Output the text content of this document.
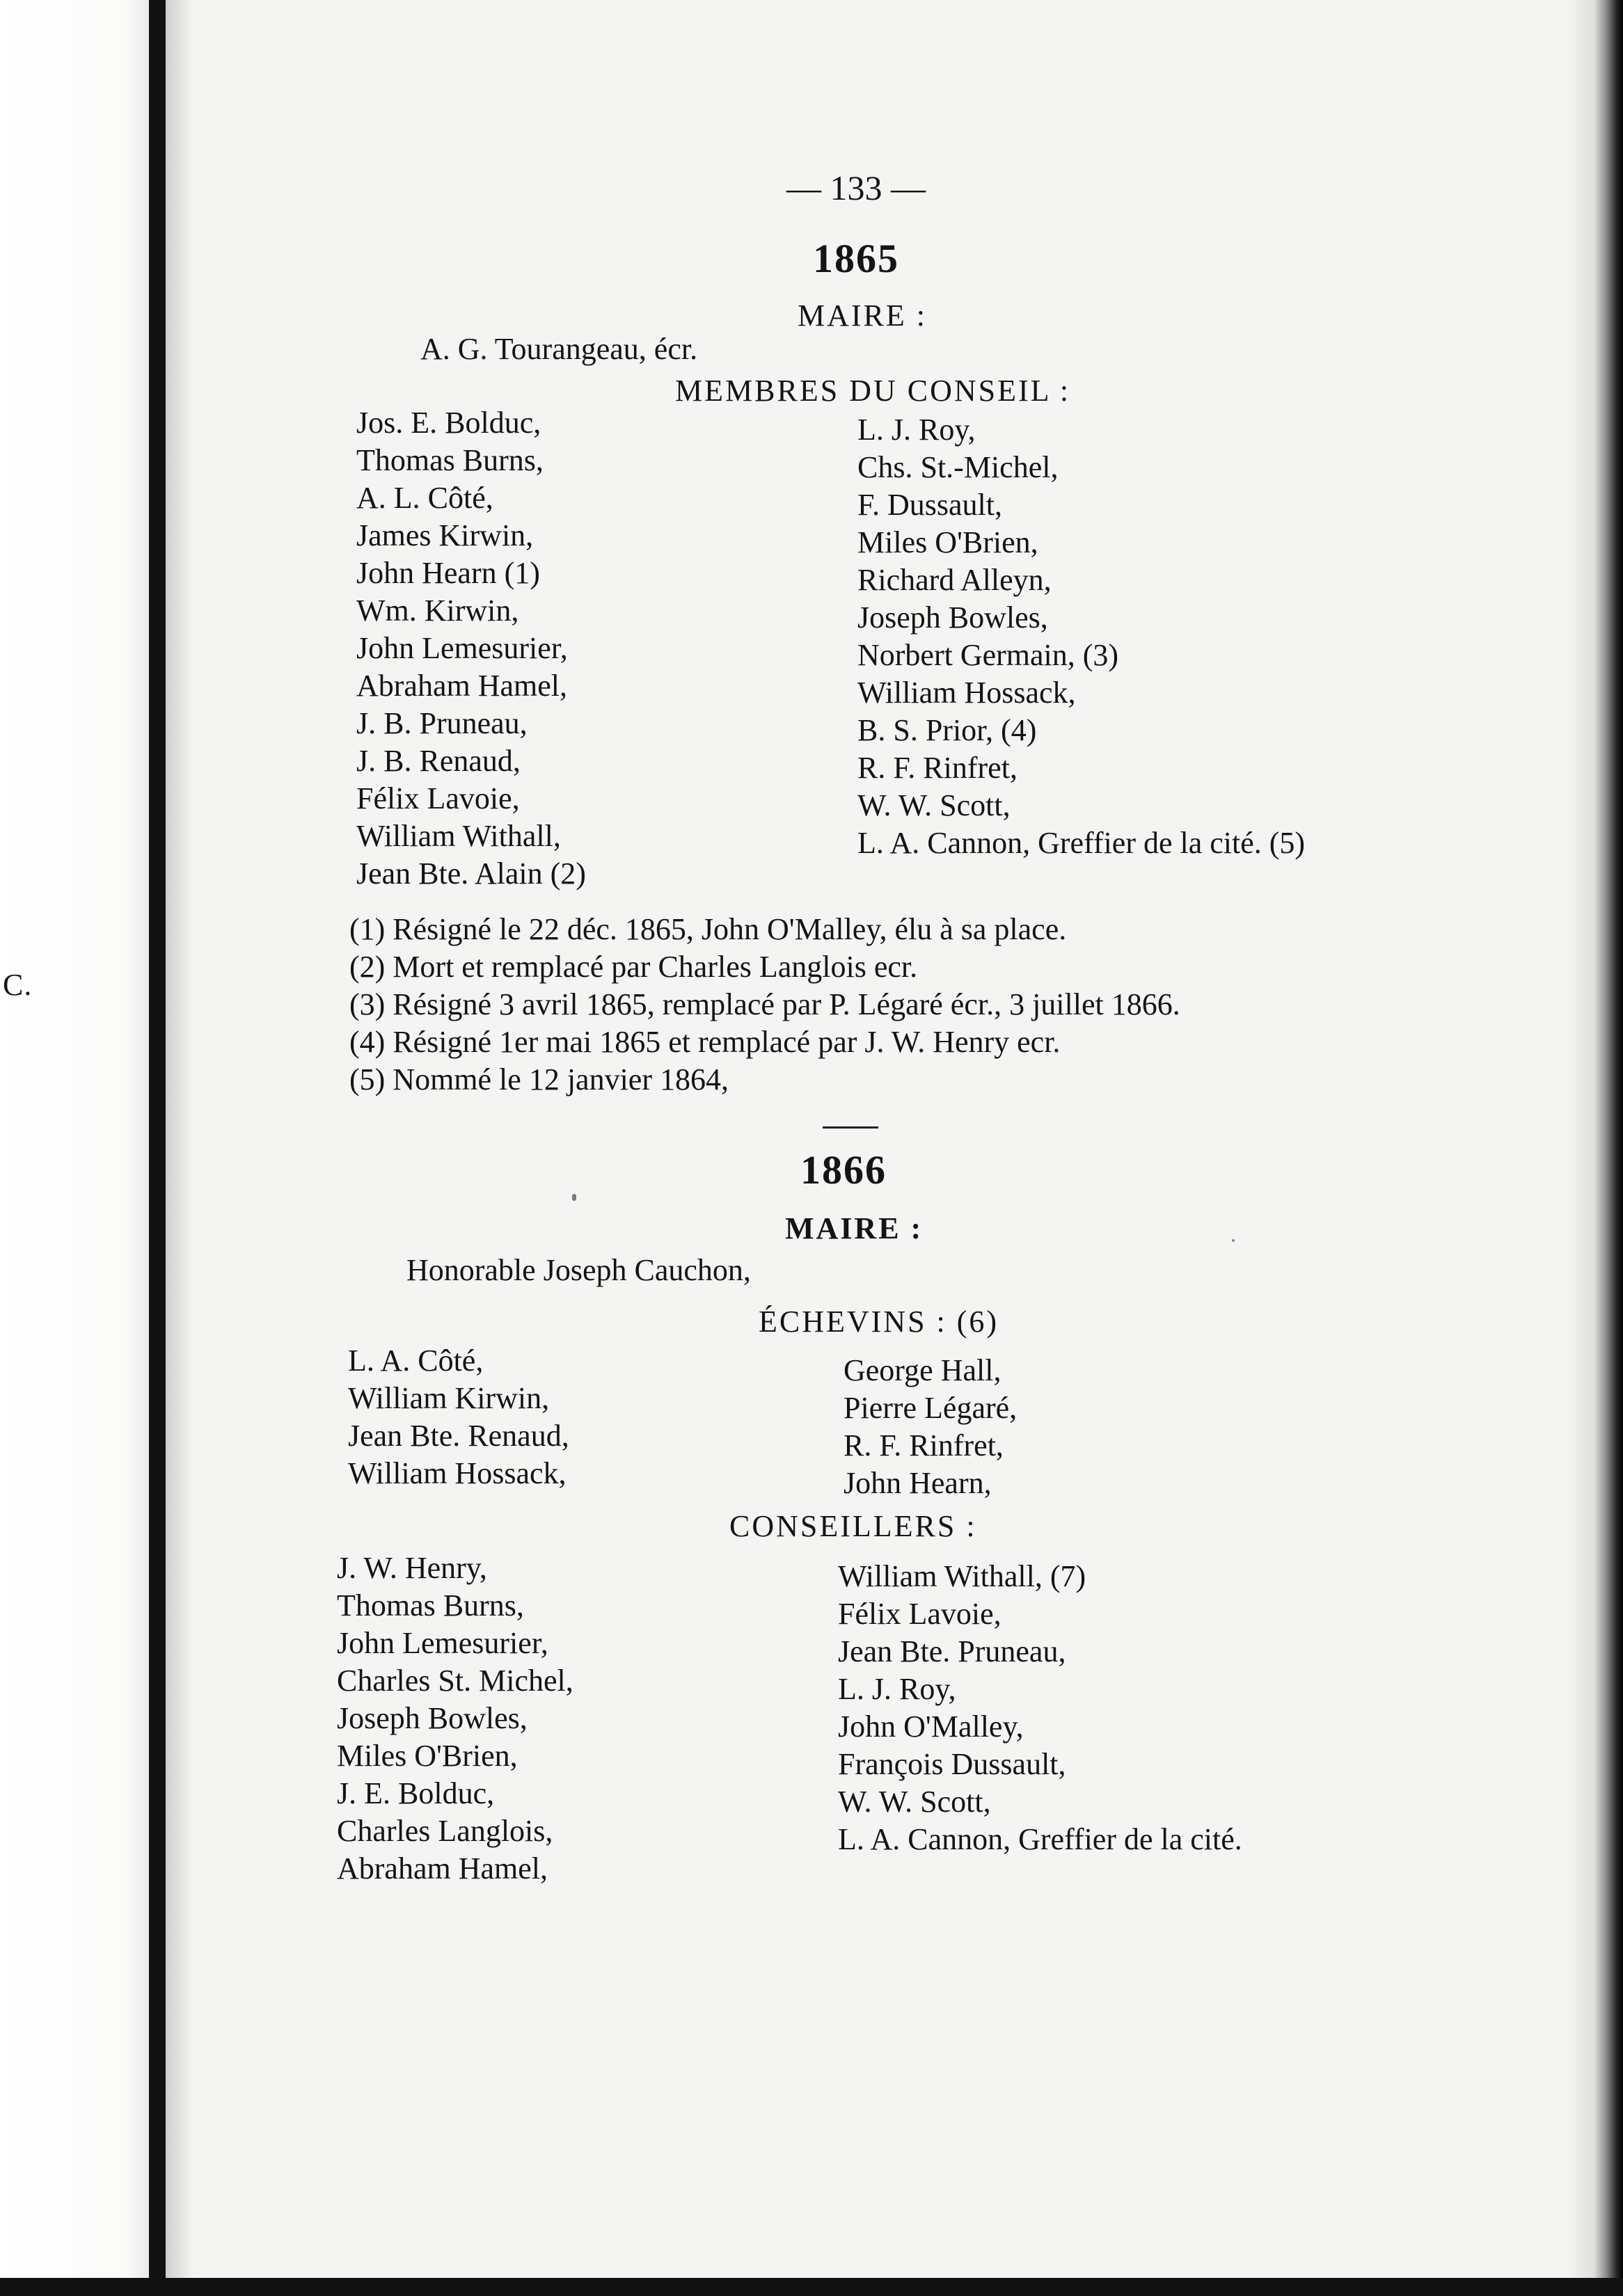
C.
— 133 —
1865
MAIRE :
A. G. Tourangeau, écr.
MEMBRES DU CONSEIL :
Jos. E. Bolduc,
Thomas Burns,
A. L. Côté,
James Kirwin,
John Hearn (1)
Wm. Kirwin,
John Lemesurier,
Abraham Hamel,
J. B. Pruneau,
J. B. Renaud,
Félix Lavoie,
William Withall,
Jean Bte. Alain (2)
L. J. Roy,
Chs. St.-Michel,
F. Dussault,
Miles O'Brien,
Richard Alleyn,
Joseph Bowles,
Norbert Germain, (3)
William Hossack,
B. S. Prior, (4)
R. F. Rinfret,
W. W. Scott,
L. A. Cannon, Greffier de la cité. (5)
(1) Résigné le 22 déc. 1865, John O'Malley, élu à sa place.
(2) Mort et remplacé par Charles Langlois ecr.
(3) Résigné 3 avril 1865, remplacé par P. Légaré écr., 3 juillet 1866.
(4) Résigné 1er mai 1865 et remplacé par J. W. Henry ecr.
(5) Nommé le 12 janvier 1864,
1866
MAIRE :
Honorable Joseph Cauchon,
ÉCHEVINS : (6)
L. A. Côté,
William Kirwin,
Jean Bte. Renaud,
William Hossack,
George Hall,
Pierre Légaré,
R. F. Rinfret,
John Hearn,
CONSEILLERS :
J. W. Henry,
Thomas Burns,
John Lemesurier,
Charles St. Michel,
Joseph Bowles,
Miles O'Brien,
J. E. Bolduc,
Charles Langlois,
Abraham Hamel,
William Withall, (7)
Félix Lavoie,
Jean Bte. Pruneau,
L. J. Roy,
John O'Malley,
François Dussault,
W. W. Scott,
L. A. Cannon, Greffier de la cité.
